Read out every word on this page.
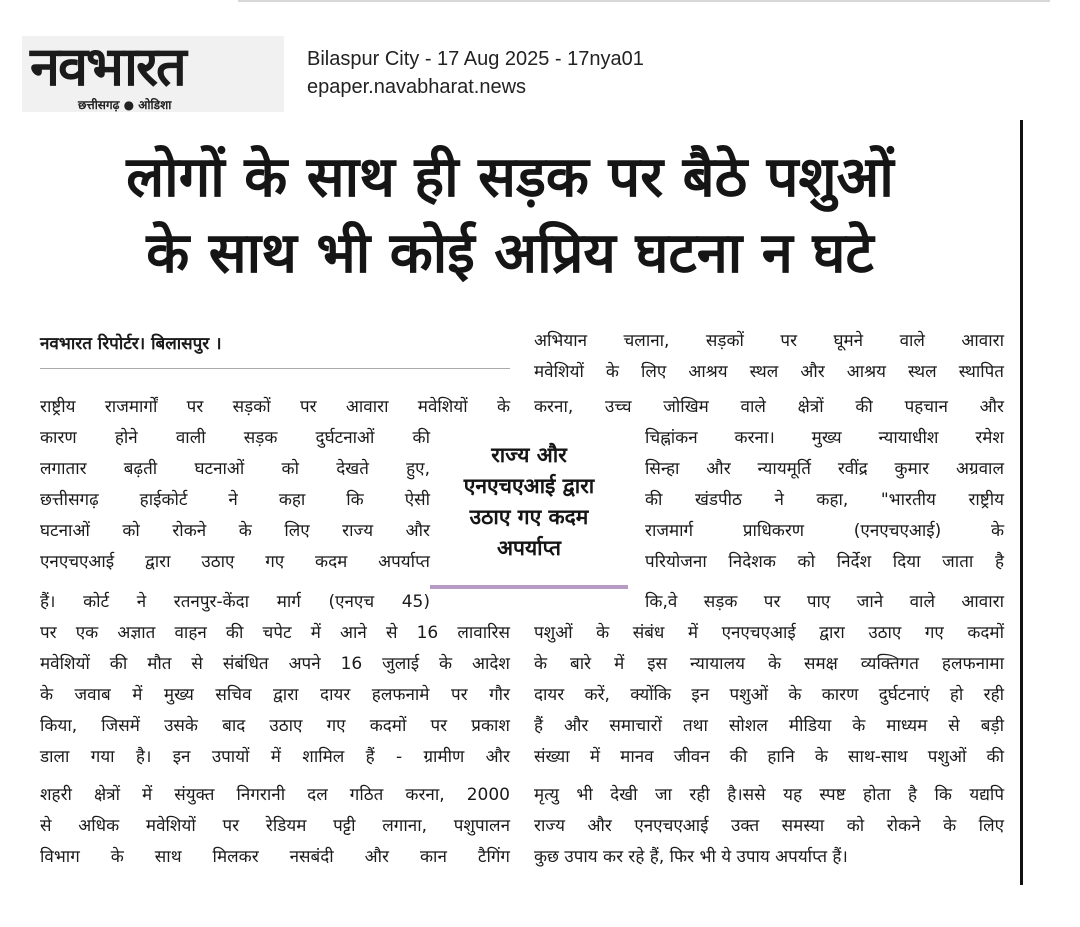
नवभारत
छत्तीसगढ़ ● ओडिशा
Bilaspur City - 17 Aug 2025 - 17nya01
epaper.navabharat.news
लोगों के साथ ही सड़क पर बैठे पशुओं
के साथ भी कोई अप्रिय घटना न घटे
नवभारत रिपोर्टर। बिलासपुर ।
राष्ट्रीय राजमार्गों पर सड़कों पर आवारा मवेशियों के
कारण होने वाली सड़क दुर्घटनाओं की
लगातार बढ़ती घटनाओं को देखते हुए,
छत्तीसगढ़ हाईकोर्ट ने कहा कि ऐसी
घटनाओं को रोकने के लिए राज्य और
एनएचएआई द्वारा उठाए गए कदम अपर्याप्त
हैं। कोर्ट ने रतनपुर-केंदा मार्ग (एनएच 45)
पर एक अज्ञात वाहन की चपेट में आने से 16 लावारिस
मवेशियों की मौत से संबंधित अपने 16 जुलाई के आदेश
के जवाब में मुख्य सचिव द्वारा दायर हलफनामे पर गौर
किया, जिसमें उसके बाद उठाए गए कदमों पर प्रकाश
डाला गया है। इन उपायों में शामिल हैं - ग्रामीण और
शहरी क्षेत्रों में संयुक्त निगरानी दल गठित करना, 2000
से अधिक मवेशियों पर रेडियम पट्टी लगाना, पशुपालन
विभाग के साथ मिलकर नसबंदी और कान टैगिंग
राज्य और
एनएचएआई द्वारा
उठाए गए कदम
अपर्याप्त
अभियान चलाना, सड़कों पर घूमने वाले आवारा
मवेशियों के लिए आश्रय स्थल और आश्रय स्थल स्थापित
करना, उच्च जोखिम वाले क्षेत्रों की पहचान और
चिह्नांकन करना। मुख्य न्यायाधीश रमेश
सिन्हा और न्यायमूर्ति रवींद्र कुमार अग्रवाल
की खंडपीठ ने कहा, "भारतीय राष्ट्रीय
राजमार्ग प्राधिकरण (एनएचएआई) के
परियोजना निदेशक को निर्देश दिया जाता है
कि,वे सड़क पर पाए जाने वाले आवारा
पशुओं के संबंध में एनएचएआई द्वारा उठाए गए कदमों
के बारे में इस न्यायालय के समक्ष व्यक्तिगत हलफनामा
दायर करें, क्योंकि इन पशुओं के कारण दुर्घटनाएं हो रही
हैं और समाचारों तथा सोशल मीडिया के माध्यम से बड़ी
संख्या में मानव जीवन की हानि के साथ-साथ पशुओं की
मृत्यु भी देखी जा रही है।ससे यह स्पष्ट होता है कि यद्यपि
राज्य और एनएचएआई उक्त समस्या को रोकने के लिए
कुछ उपाय कर रहे हैं, फिर भी ये उपाय अपर्याप्त हैं।
